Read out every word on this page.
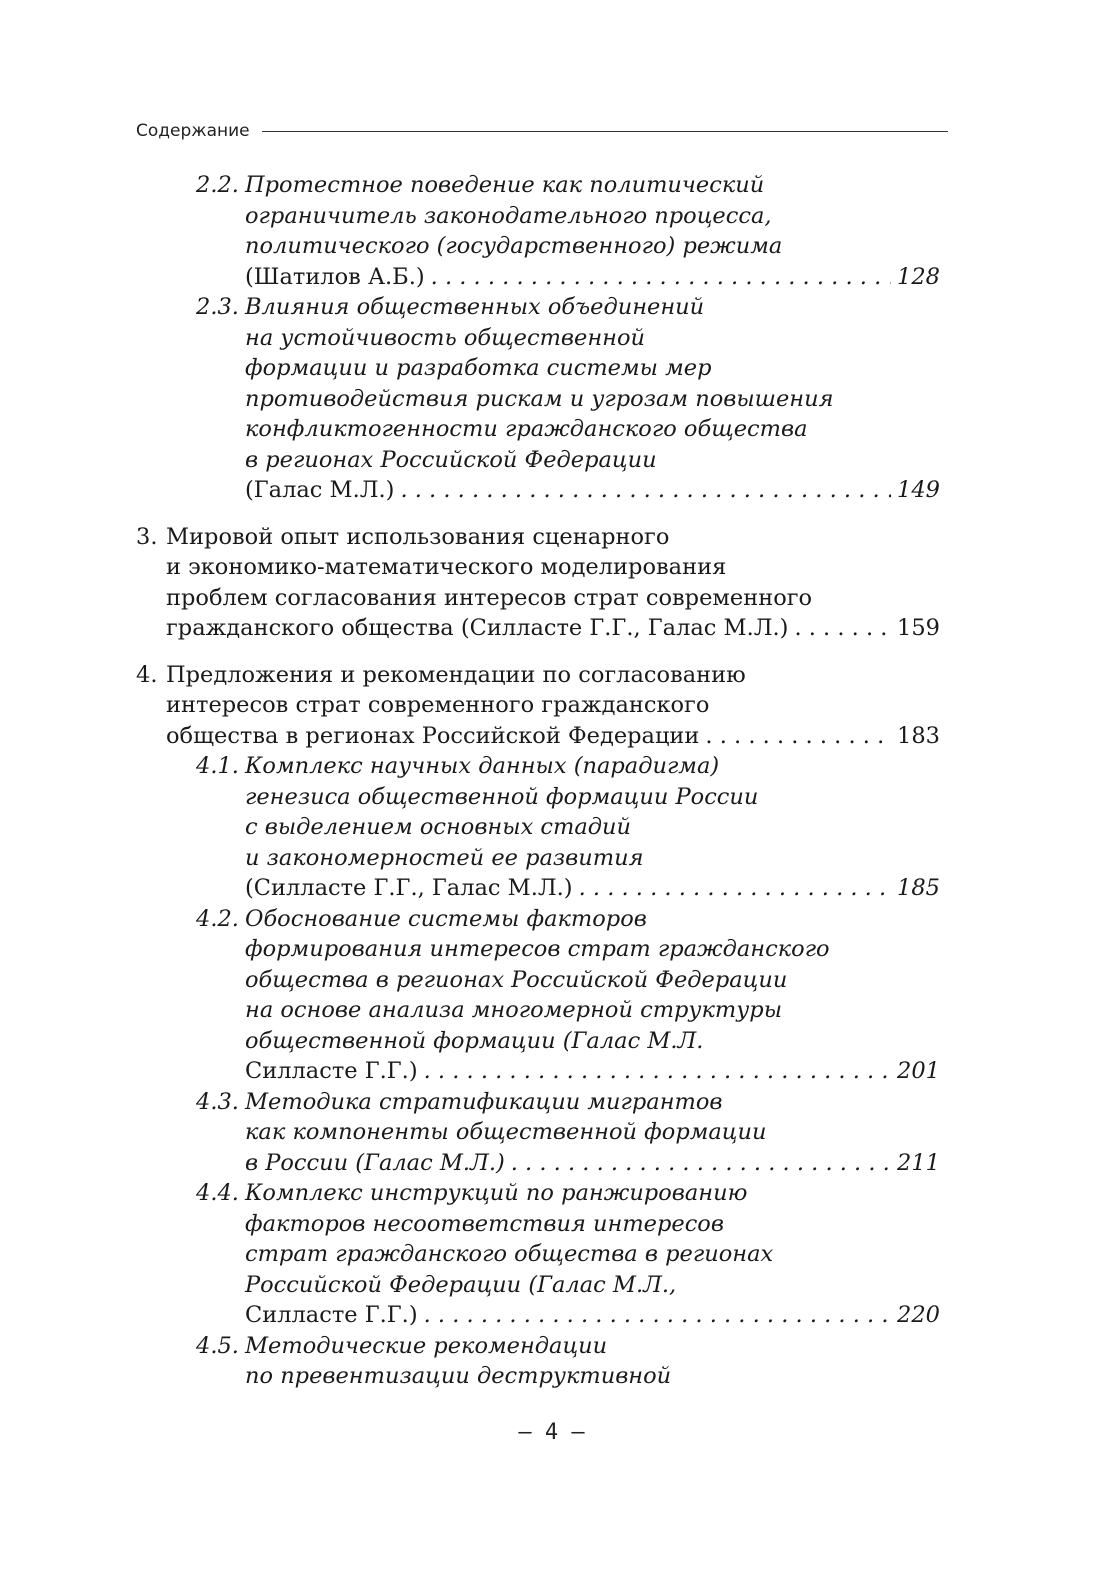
Содержание
2.2. Протестное поведение как политический
ограничитель законодательного процесса,
политического (государственного) режима
(Шатилов А.Б.) . . .	128
2.3. Влияния общественных объединений
на устойчивость общественной
формации и разработка системы мер
противодействия рискам и угрозам повышения
конфликтогенности гражданского общества
в регионах Российской Федерации
(Галас М.Л.) . . .	149
3. Мировой опыт использования сценарного
и экономико-математического моделирования
проблем согласования интересов страт современного
гражданского общества (Силласте Г.Г., Галас М.Л.) . . .	159
4. Предложения и рекомендации по согласованию
интересов страт современного гражданского
общества в регионах Российской Федерации . . .	183
4.1. Комплекс научных данных (парадигма)
генезиса общественной формации России
с выделением основных стадий
и закономерностей ее развития
(Силласте Г.Г., Галас М.Л.) . . .	185
4.2. Обоснование системы факторов
формирования интересов страт гражданского
общества в регионах Российской Федерации
на основе анализа многомерной структуры
общественной формации (Галас М.Л.
Силласте Г.Г.) . . .	201
4.3. Методика стратификации мигрантов
как компоненты общественной формации
в России (Галас М.Л.) . . .	211
4.4. Комплекс инструкций по ранжированию
факторов несоответствия интересов
страт гражданского общества в регионах
Российской Федерации (Галас М.Л.,
Силласте Г.Г.) . . .	220
4.5. Методические рекомендации
по превентизации деструктивной
— 4 —
